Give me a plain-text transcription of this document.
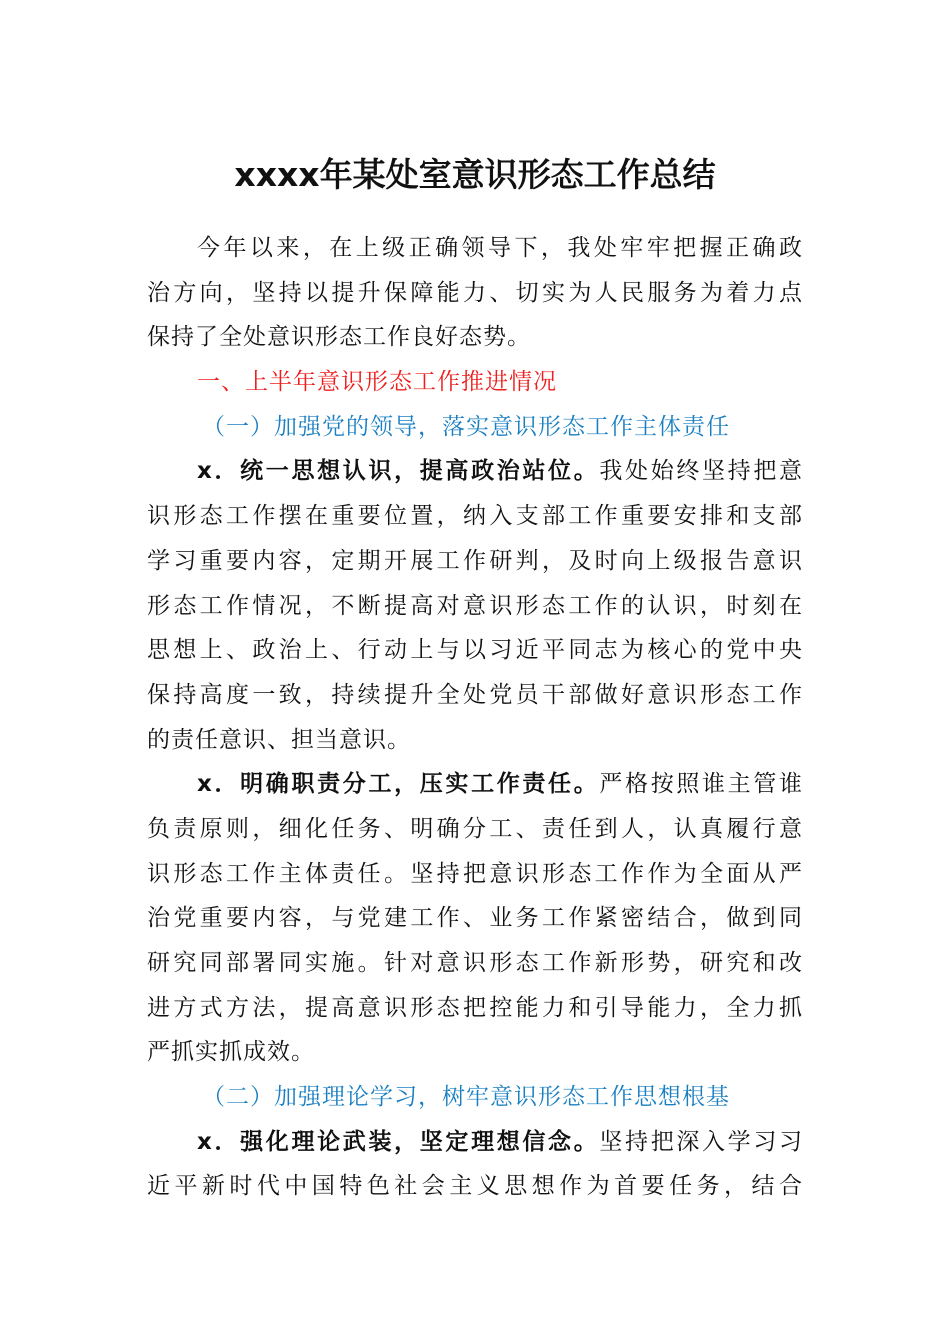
xxxx年某处室意识形态工作总结
今年以来，在上级正确领导下，我处牢牢把握正确政
治方向，坚持以提升保障能力、切实为人民服务为着力点
保持了全处意识形态工作良好态势。
一、上半年意识形态工作推进情况
（一）加强党的领导，落实意识形态工作主体责任
x．统一思想认识，提高政治站位。我处始终坚持把意
识形态工作摆在重要位置，纳入支部工作重要安排和支部
学习重要内容，定期开展工作研判，及时向上级报告意识
形态工作情况，不断提高对意识形态工作的认识，时刻在
思想上、政治上、行动上与以习近平同志为核心的党中央
保持高度一致，持续提升全处党员干部做好意识形态工作
的责任意识、担当意识。
x．明确职责分工，压实工作责任。严格按照谁主管谁
负责原则，细化任务、明确分工、责任到人，认真履行意
识形态工作主体责任。坚持把意识形态工作作为全面从严
治党重要内容，与党建工作、业务工作紧密结合，做到同
研究同部署同实施。针对意识形态工作新形势，研究和改
进方式方法，提高意识形态把控能力和引导能力，全力抓
严抓实抓成效。
（二）加强理论学习，树牢意识形态工作思想根基
x．强化理论武装，坚定理想信念。坚持把深入学习习
近平新时代中国特色社会主义思想作为首要任务，结合
